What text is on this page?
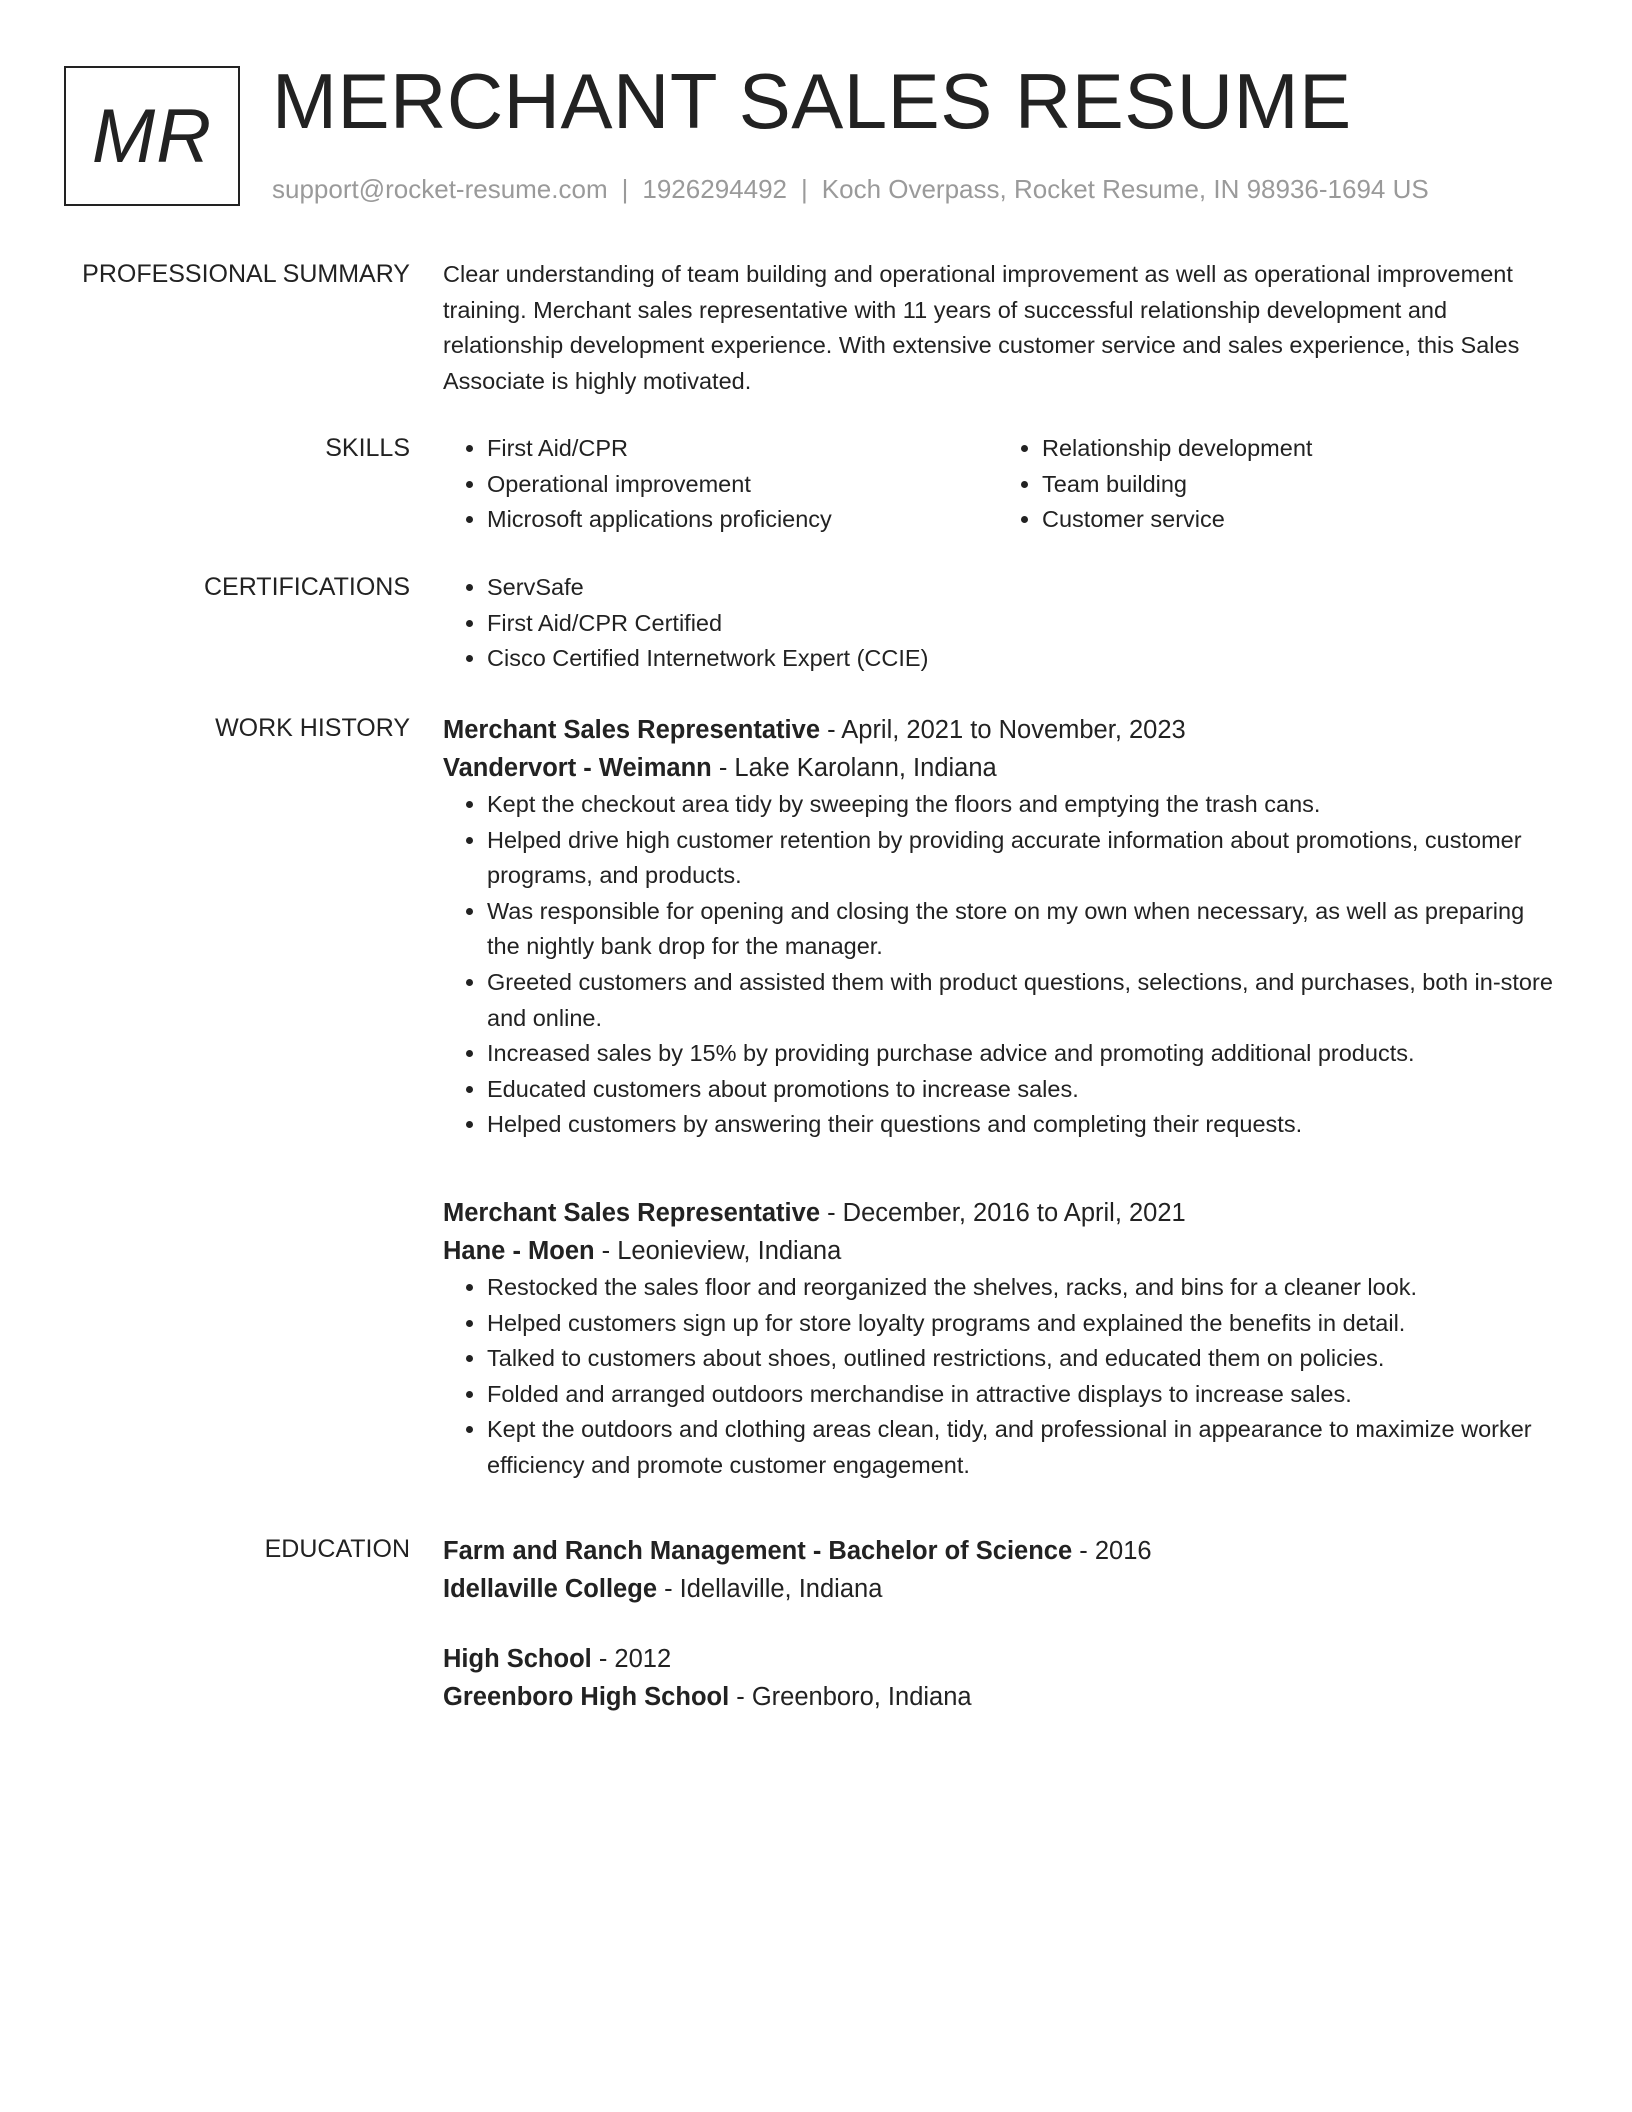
MR MERCHANT SALES RESUME
support@rocket-resume.com | 1926294492 | Koch Overpass, Rocket Resume, IN 98936-1694 US
PROFESSIONAL SUMMARY Clear understanding of team building and operational improvement as well as operational improvement training. Merchant sales representative with 11 years of successful relationship development and relationship development experience. With extensive customer service and sales experience, this Sales Associate is highly motivated.

SKILLS	• First Aid/CPR
• Operational improvement
• Microsoft applications proficiency
• Relationship development
• Team building
• Customer service
CERTIFICATIONS	• ServSafe
• First Aid/CPR Certified
• Cisco Certified Internetwork Expert (CCIE)
WORK HISTORY Merchant Sales Representative - April, 2021 to November, 2023
Vandervort - Weimann - Lake Karolann, Indiana
• Kept the checkout area tidy by sweeping the floors and emptying the trash cans.
• Helped drive high customer retention by providing accurate information about promotions, customer programs, and products.
• Was responsible for opening and closing the store on my own when necessary, as well as preparing the nightly bank drop for the manager.
• Greeted customers and assisted them with product questions, selections, and purchases, both in-store and online.
• Increased sales by 15% by providing purchase advice and promoting additional products.
• Educated customers about promotions to increase sales.
• Helped customers by answering their questions and completing their requests.
Merchant Sales Representative - December, 2016 to April, 2021
Hane - Moen - Leonieview, Indiana
• Restocked the sales floor and reorganized the shelves, racks, and bins for a cleaner look.
• Helped customers sign up for store loyalty programs and explained the benefits in detail.
• Talked to customers about shoes, outlined restrictions, and educated them on policies.
• Folded and arranged outdoors merchandise in attractive displays to increase sales.
• Kept the outdoors and clothing areas clean, tidy, and professional in appearance to maximize worker efficiency and promote customer engagement.
EDUCATION Farm and Ranch Management - Bachelor of Science - 2016
Idellaville College - Idellaville, Indiana
High School - 2012
Greenboro High School - Greenboro, Indiana
